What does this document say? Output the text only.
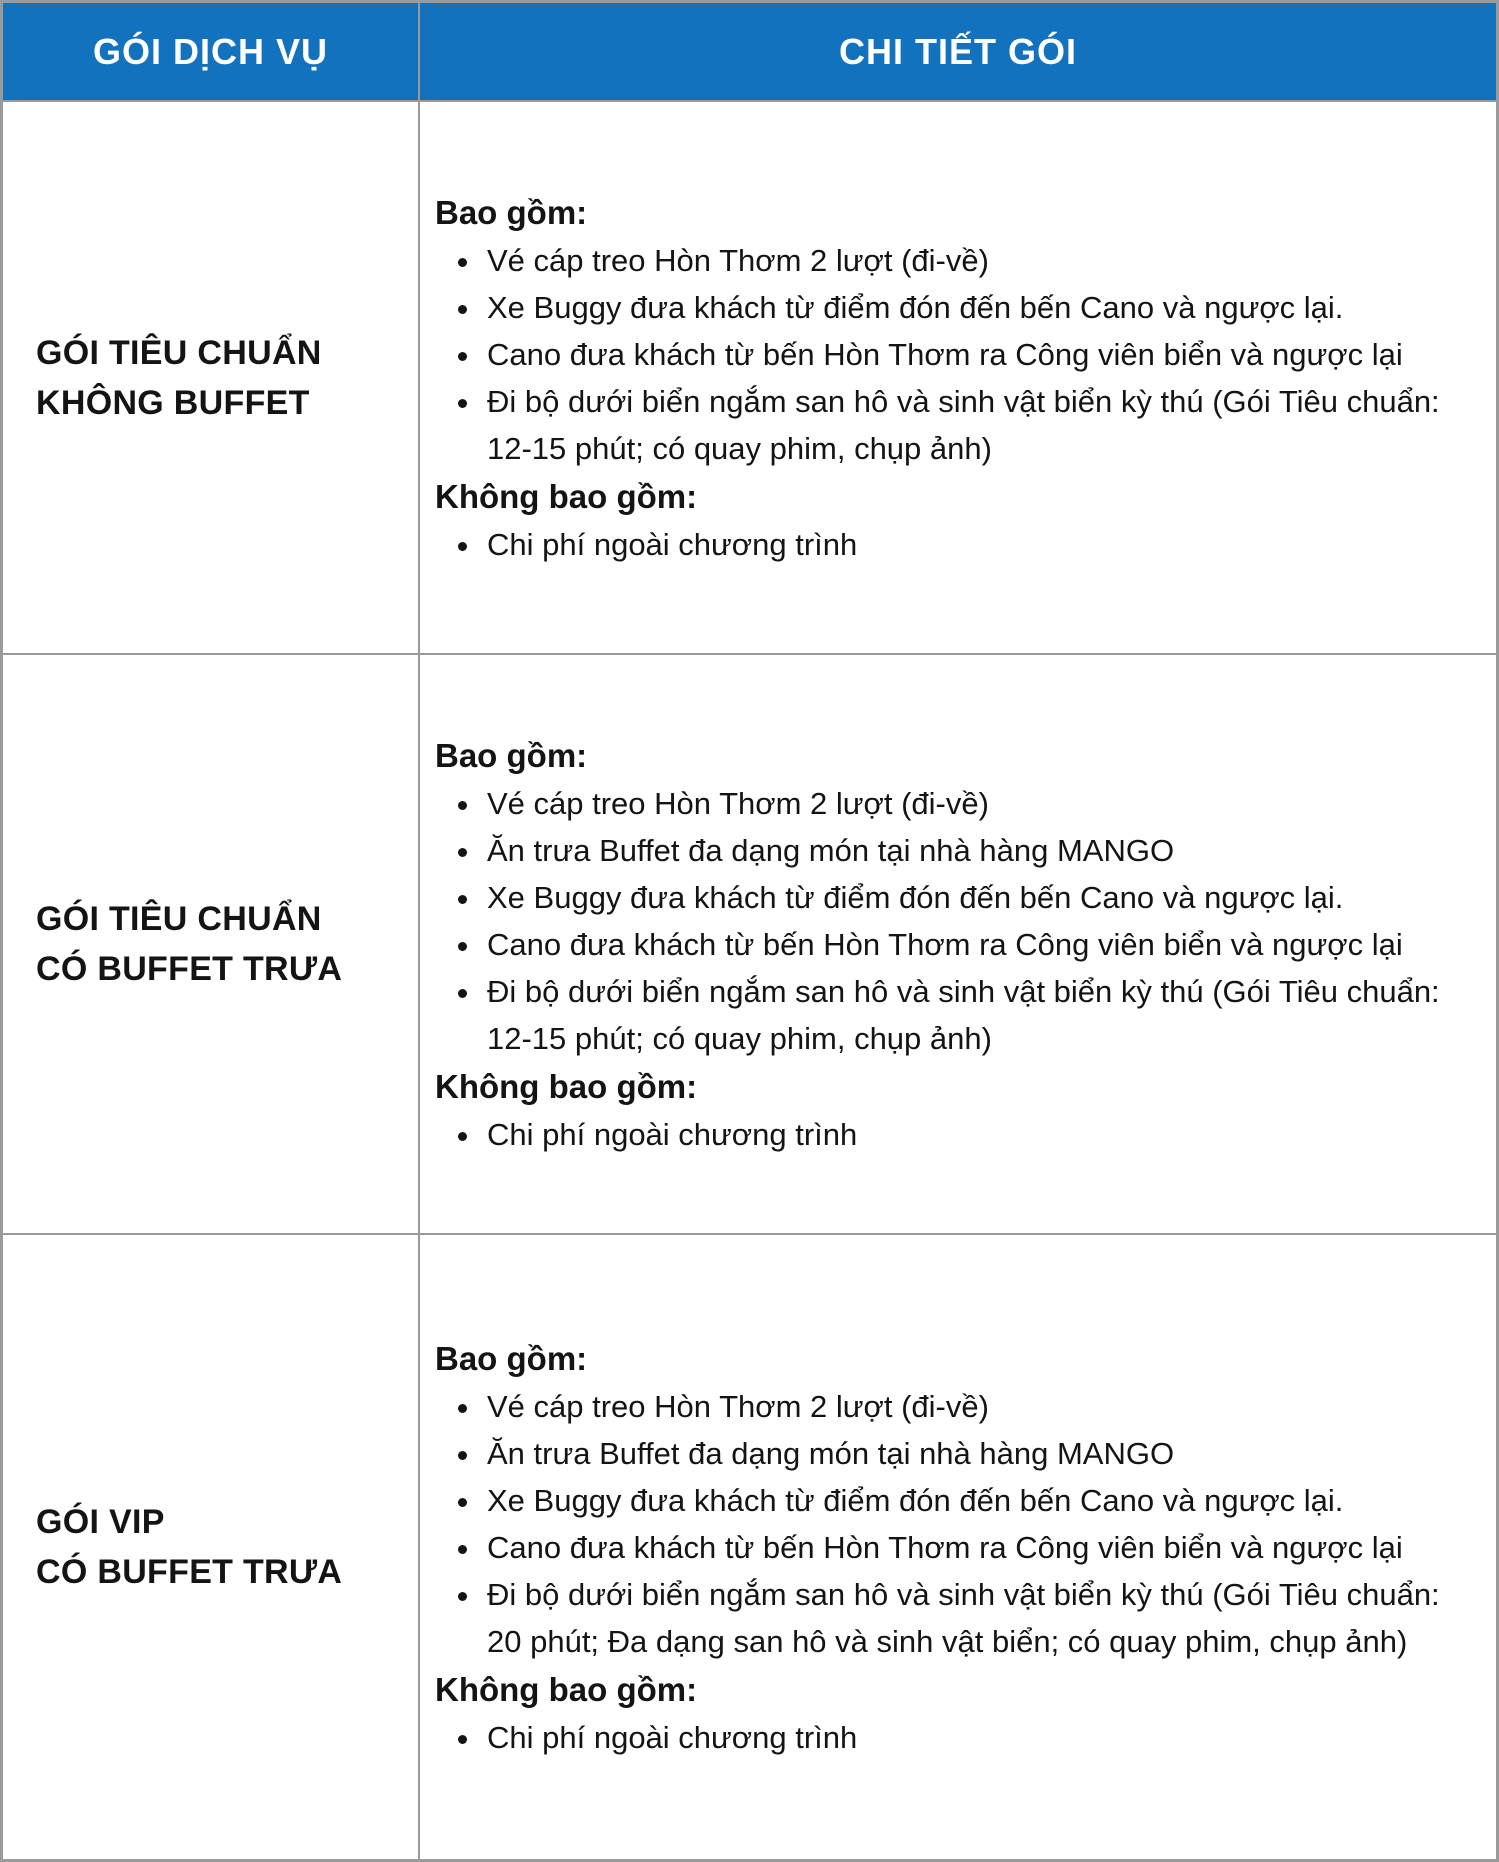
GÓI DỊCH VỤ	CHI TIẾT GÓI
GÓI TIÊU CHUẨN
KHÔNG BUFFET
Bao gồm:
• Vé cáp treo Hòn Thơm 2 lượt (đi-về)
• Xe Buggy đưa khách từ điểm đón đến bến Cano và ngược lại.
• Cano đưa khách từ bến Hòn Thơm ra Công viên biển và ngược lại
• Đi bộ dưới biển ngắm san hô và sinh vật biển kỳ thú (Gói Tiêu chuẩn: 12-15 phút; có quay phim, chụp ảnh)
Không bao gồm:
• Chi phí ngoài chương trình
GÓI TIÊU CHUẨN
CÓ BUFFET TRƯA
Bao gồm:
• Vé cáp treo Hòn Thơm 2 lượt (đi-về)
• Ăn trưa Buffet đa dạng món tại nhà hàng MANGO
• Xe Buggy đưa khách từ điểm đón đến bến Cano và ngược lại.
• Cano đưa khách từ bến Hòn Thơm ra Công viên biển và ngược lại
• Đi bộ dưới biển ngắm san hô và sinh vật biển kỳ thú (Gói Tiêu chuẩn: 12-15 phút; có quay phim, chụp ảnh)
Không bao gồm:
• Chi phí ngoài chương trình
GÓI VIP
CÓ BUFFET TRƯA
Bao gồm:
• Vé cáp treo Hòn Thơm 2 lượt (đi-về)
• Ăn trưa Buffet đa dạng món tại nhà hàng MANGO
• Xe Buggy đưa khách từ điểm đón đến bến Cano và ngược lại.
• Cano đưa khách từ bến Hòn Thơm ra Công viên biển và ngược lại
• Đi bộ dưới biển ngắm san hô và sinh vật biển kỳ thú (Gói Tiêu chuẩn: 20 phút; Đa dạng san hô và sinh vật biển; có quay phim, chụp ảnh)
Không bao gồm:
• Chi phí ngoài chương trình
